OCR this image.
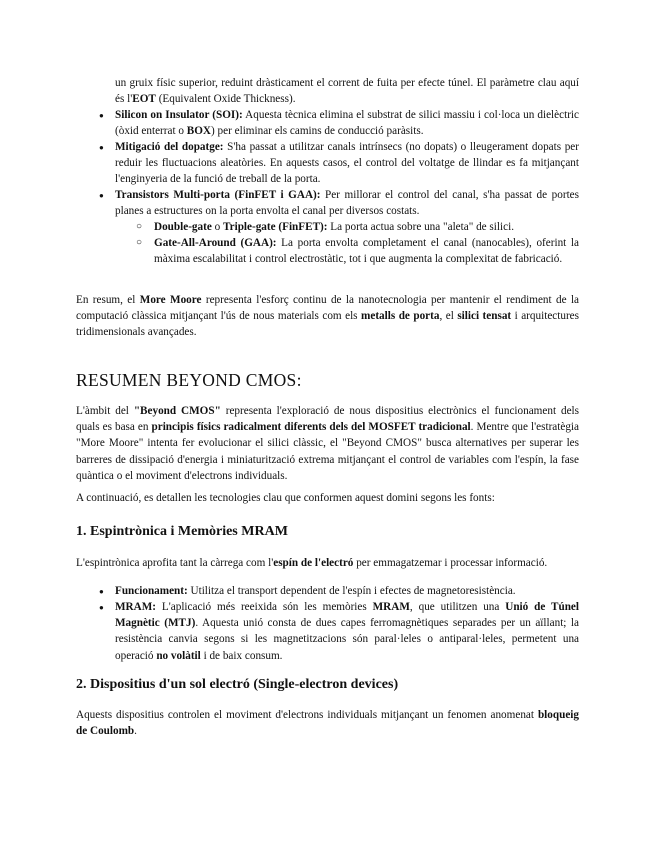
un gruix físic superior, reduint dràsticament el corrent de fuita per efecte túnel. El paràmetre clau aquí és l'EOT (Equivalent Oxide Thickness).

● Silicon on Insulator (SOI): Aquesta tècnica elimina el substrat de silici massiu i col·loca un dielèctric (òxid enterrat o BOX) per eliminar els camins de conducció paràsits.

● Mitigació del dopatge: S'ha passat a utilitzar canals intrínsecs (no dopats) o lleugerament dopats per reduir les fluctuacions aleatòries. En aquests casos, el control del voltatge de llindar es fa mitjançant l'enginyeria de la funció de treball de la porta.

● Transistors Multi-porta (FinFET i GAA): Per millorar el control del canal, s'ha passat de portes planes a estructures on la porta envolta el canal per diversos costats.

○ Double-gate o Triple-gate (FinFET): La porta actua sobre una "aleta" de silici.

○ Gate-All-Around (GAA): La porta envolta completament el canal (nanocables), oferint la màxima escalabilitat i control electrostàtic, tot i que augmenta la complexitat de fabricació.

En resum, el More Moore representa l'esforç continu de la nanotecnologia per mantenir el rendiment de la computació clàssica mitjançant l'ús de nous materials com els metalls de porta, el silici tensat i arquitectures tridimensionals avançades.

RESUMEN BEYOND CMOS:

L'àmbit del "Beyond CMOS" representa l'exploració de nous dispositius electrònics el funcionament dels quals es basa en principis físics radicalment diferents dels del MOSFET tradicional. Mentre que l'estratègia "More Moore" intenta fer evolucionar el silici clàssic, el "Beyond CMOS" busca alternatives per superar les barreres de dissipació d'energia i miniaturització extrema mitjançant el control de variables com l'espín, la fase quàntica o el moviment d'electrons individuals.

A continuació, es detallen les tecnologies clau que conformen aquest domini segons les fonts:

1. Espintrònica i Memòries MRAM

L'espintrònica aprofita tant la càrrega com l'espín de l'electró per emmagatzemar i processar informació.

● Funcionament: Utilitza el transport dependent de l'espín i efectes de magnetoresistència.

● MRAM: L'aplicació més reeixida són les memòries MRAM, que utilitzen una Unió de Túnel Magnètic (MTJ). Aquesta unió consta de dues capes ferromagnètiques separades per un aïllant; la resistència canvia segons si les magnetitzacions són paral·leles o antiparal·leles, permetent una operació no volàtil i de baix consum.

2. Dispositius d'un sol electró (Single-electron devices)

Aquests dispositius controlen el moviment d'electrons individuals mitjançant un fenomen anomenat bloqueig de Coulomb.
